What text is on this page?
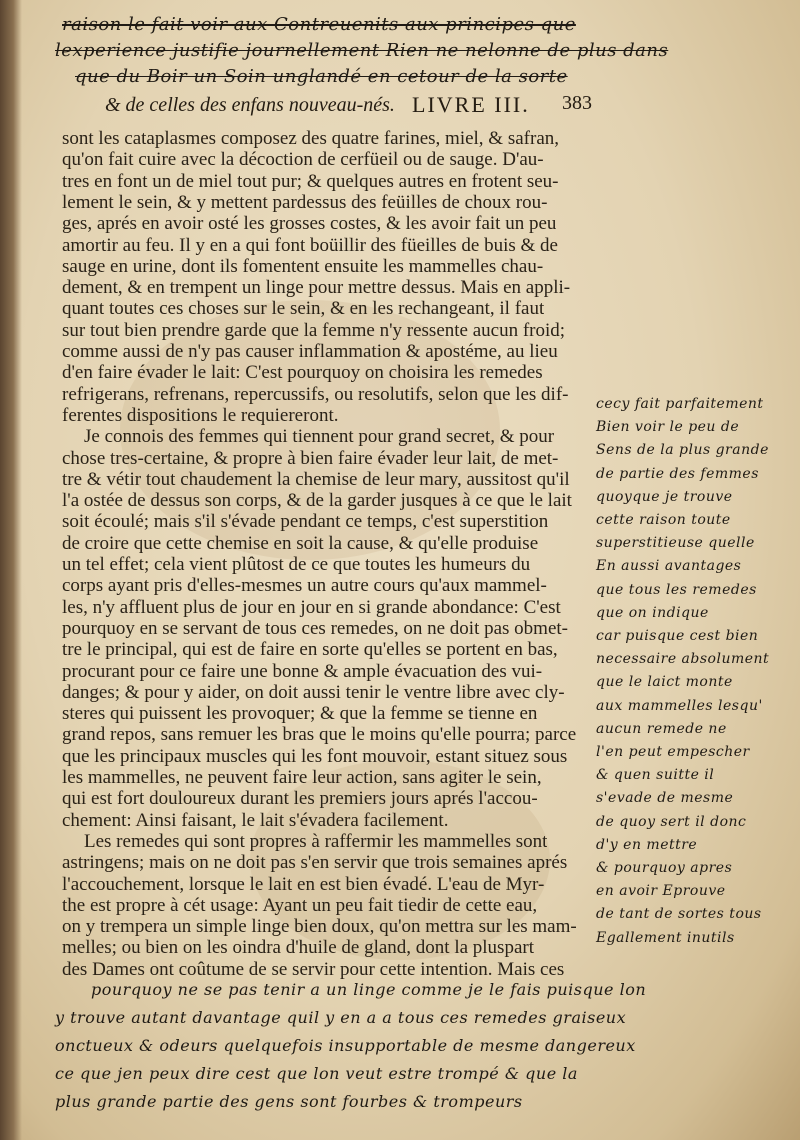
raison le fait voir aux Contreuenits aux principes que
lexperience justifie journellement Rien ne nelonne de plus dans
que du Boir un Soin unglandé en cetour de la sorte
& de celles des enfans nouveau-nés. LIVRE III. 383
sont les cataplasmes composez des quatre farines, miel, & safran,
qu'on fait cuire avec la décoction de cerfüeil ou de sauge. D'au-
tres en font un de miel tout pur; & quelques autres en frotent seu-
lement le sein, & y mettent pardessus des feüilles de choux rou-
ges, aprés en avoir osté les grosses costes, & les avoir fait un peu
amortir au feu. Il y en a qui font boüillir des füeilles de buis & de
sauge en urine, dont ils fomentent ensuite les mammelles chau-
dement, & en trempent un linge pour mettre dessus. Mais en appli-
quant toutes ces choses sur le sein, & en les rechangeant, il faut
sur tout bien prendre garde que la femme n'y ressente aucun froid;
comme aussi de n'y pas causer inflammation & apostéme, au lieu
d'en faire évader le lait: C'est pourquoy on choisira les remedes
refrigerans, refrenans, repercussifs, ou resolutifs, selon que les dif-
ferentes dispositions le requiereront.
Je connois des femmes qui tiennent pour grand secret, & pour
chose tres-certaine, & propre à bien faire évader leur lait, de met-
tre & vétir tout chaudement la chemise de leur mary, aussitost qu'il
l'a ostée de dessus son corps, & de la garder jusques à ce que le lait
soit écoulé; mais s'il s'évade pendant ce temps, c'est superstition
de croire que cette chemise en soit la cause, & qu'elle produise
un tel effet; cela vient plûtost de ce que toutes les humeurs du
corps ayant pris d'elles-mesmes un autre cours qu'aux mammel-
les, n'y affluent plus de jour en jour en si grande abondance: C'est
pourquoy en se servant de tous ces remedes, on ne doit pas obmet-
tre le principal, qui est de faire en sorte qu'elles se portent en bas,
procurant pour ce faire une bonne & ample évacuation des vui-
danges; & pour y aider, on doit aussi tenir le ventre libre avec cly-
steres qui puissent les provoquer; & que la femme se tienne en
grand repos, sans remuer les bras que le moins qu'elle pourra; parce
que les principaux muscles qui les font mouvoir, estant situez sous
les mammelles, ne peuvent faire leur action, sans agiter le sein,
qui est fort douloureux durant les premiers jours aprés l'accou-
chement: Ainsi faisant, le lait s'évadera facilement.
Les remedes qui sont propres à raffermir les mammelles sont
astringens; mais on ne doit pas s'en servir que trois semaines aprés
l'accouchement, lorsque le lait en est bien évadé. L'eau de Myr-
the est propre à cét usage: Ayant un peu fait tiedir de cette eau,
on y trempera un simple linge bien doux, qu'on mettra sur les mam-
melles; ou bien on les oindra d'huile de gland, dont la pluspart
des Dames ont coûtume de se servir pour cette intention. Mais ces
cecy fait parfaitement
Bien voir le peu de
Sens de la plus grande
de partie des femmes
quoyque je trouve
cette raison toute
superstitieuse quelle
En aussi avantages
que tous les remedes
que on indique
car puisque cest bien
necessaire absolument
que le laict monte
aux mammelles lesqu'
aucun remede ne
l'en peut empescher
& quen suitte il
s'evade de mesme
de quoy sert il donc
d'y en mettre
& pourquoy apres
en avoir Eprouve
de tant de sortes tous
Egallement inutils
pourquoy ne se pas tenir a un linge comme je le fais puisque lon
y trouve autant davantage quil y en a a tous ces remedes graiseux
onctueux & odeurs quelquefois insupportable de mesme dangereux
ce que jen peux dire cest que lon veut estre trompé & que la
plus grande partie des gens sont fourbes & trompeurs
